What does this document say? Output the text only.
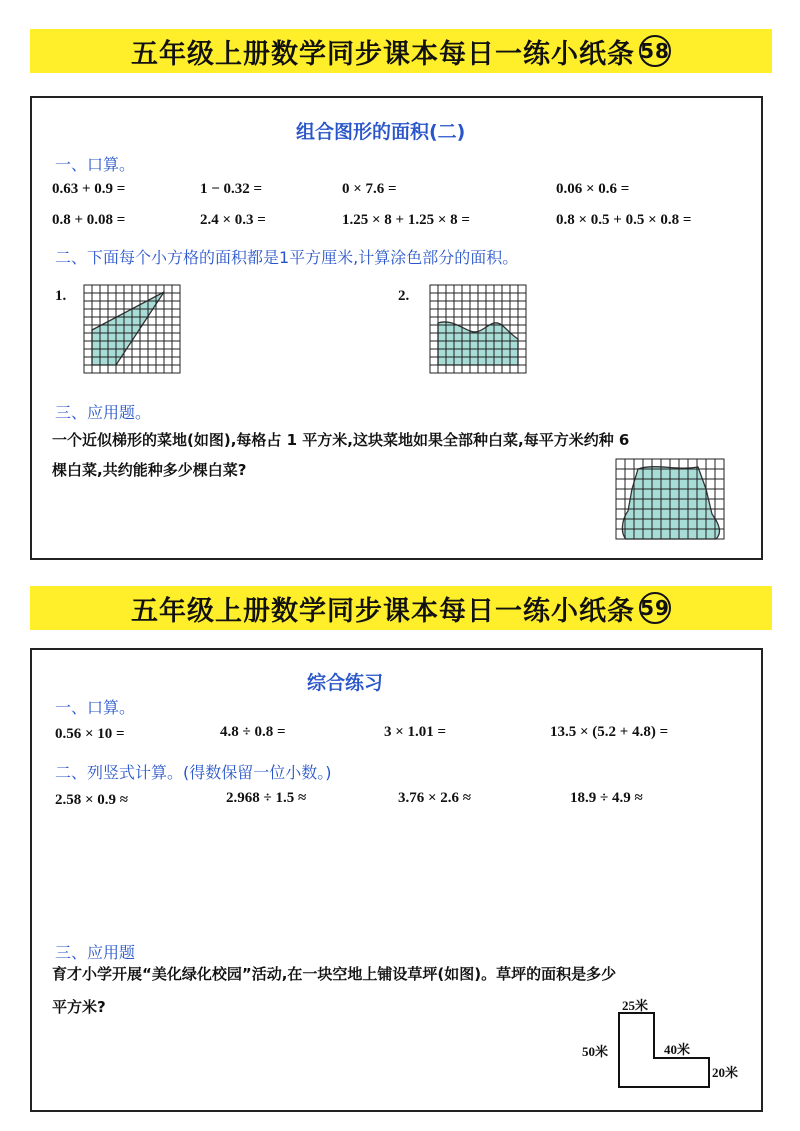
五年级上册数学同步课本每日一练小纸条 58
组合图形的面积(二)
一、口算。
0.63 + 0.9 =	1 − 0.32 =	0 × 7.6 =	0.06 × 0.6 =
0.8 + 0.08 =	2.4 × 0.3 =	1.25 × 8 + 1.25 × 8 =	0.8 × 0.5 + 0.5 × 0.8 =
二、下面每个小方格的面积都是1平方厘米,计算涂色部分的面积。
1.	2.
三、应用题。
一个近似梯形的菜地(如图),每格占 1 平方米,这块菜地如果全部种白菜,每平方米约种 6
棵白菜,共约能种多少棵白菜?
五年级上册数学同步课本每日一练小纸条 59
综合练习
一、口算。
0.56 × 10 =	4.8 ÷ 0.8 =	3 × 1.01 =	13.5 × (5.2 + 4.8) =
二、列竖式计算。(得数保留一位小数。)
2.58 × 0.9 ≈	2.968 ÷ 1.5 ≈	3.76 × 2.6 ≈	18.9 ÷ 4.9 ≈
三、应用题
育才小学开展“美化绿化校园”活动,在一块空地上铺设草坪(如图)。草坪的面积是多少
平方米?	25米
50米	40米
20米
